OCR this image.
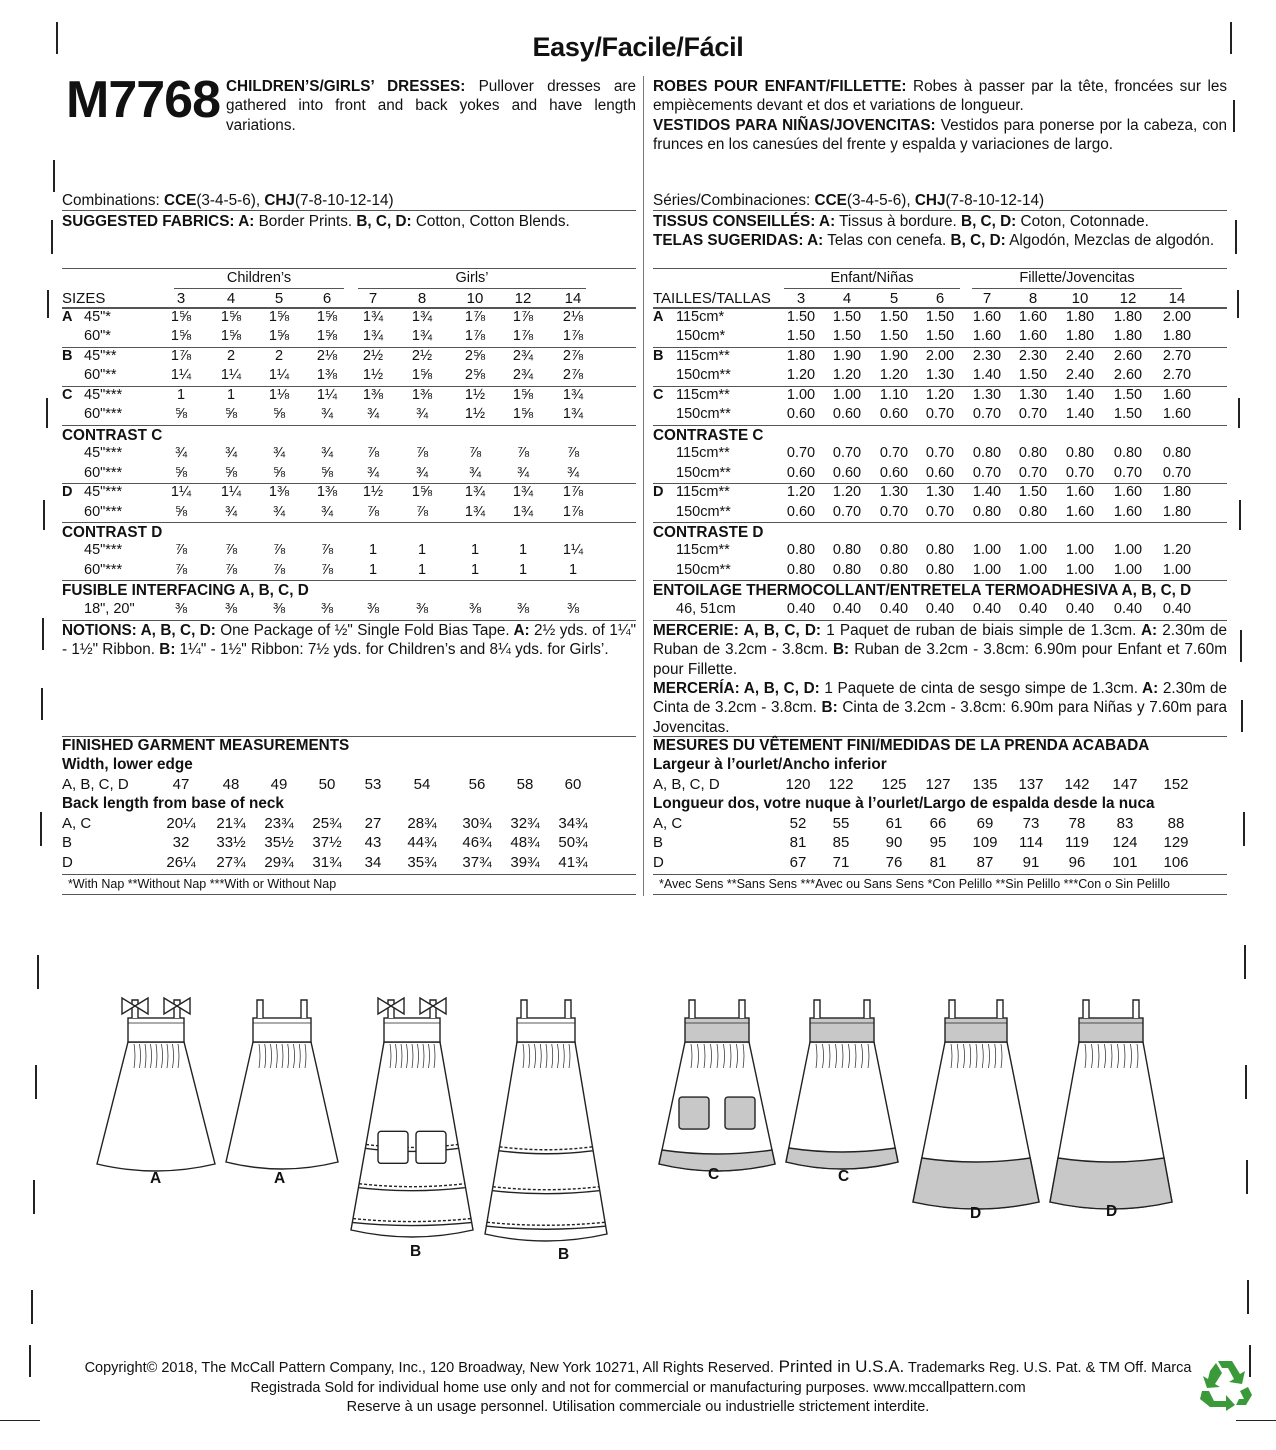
Easy/Facile/Fácil
M7768 CHILDREN’S/GIRLS’ DRESSES: Pullover dresses are gathered into front and back yokes and have length variations.
ROBES POUR ENFANT/FILLETTE: Robes à passer par la tête, froncées sur les empiècements devant et dos et variations de longueur.
VESTIDOS PARA NIÑAS/JOVENCITAS: Vestidos para ponerse por la cabeza, con frunces en los canesúes del frente y espalda y variaciones de largo.
Combinations: CCE(3-4-5-6), CHJ(7-8-10-12-14)	Séries/Combinaciones: CCE(3-4-5-6), CHJ(7-8-10-12-14)
SUGGESTED FABRICS: A: Border Prints. B, C, D: Cotton, Cotton Blends.	TISSUS CONSEILLÉS: A: Tissus à bordure. B, C, D: Coton, Cotonnade.
TELAS SUGERIDAS: A: Telas con cenefa. B, C, D: Algodón, Mezclas de algodón.
Children’s	Girls’
SIZES	3	4	5	6	7	8	10	12	14
A 45"*	1⅝	1⅝	1⅝	1⅝	1¾	1¾	1⅞	1⅞	2⅛
60"*	1⅝	1⅝	1⅝	1⅝	1¾	1¾	1⅞	1⅞	1⅞
B 45"**	1⅞	2	2	2⅛	2½	2½	2⅝	2¾	2⅞
60"**	1¼	1¼	1¼	1⅜	1½	1⅝	2⅝	2¾	2⅞
C 45"***	1	1	1⅛	1¼	1⅜	1⅜	1½	1⅝	1¾
60"***	⅝	⅝	⅝	¾	¾	¾	1½	1⅝	1¾
CONTRAST C
45"***	¾	¾	¾	¾	⅞	⅞	⅞	⅞	⅞
60"***	⅝	⅝	⅝	⅝	¾	¾	¾	¾	¾
D 45"***	1¼	1¼	1⅜	1⅜	1½	1⅝	1¾	1¾	1⅞
60"***	⅝	¾	¾	¾	⅞	⅞	1¾	1¾	1⅞
CONTRAST D
45"***	⅞	⅞	⅞	⅞	1	1	1	1	1¼
60"***	⅞	⅞	⅞	⅞	1	1	1	1	1
FUSIBLE INTERFACING A, B, C, D
18", 20"	⅜	⅜	⅜	⅜	⅜	⅜	⅜	⅜	⅜
Enfant/Niñas	Fillette/Jovencitas
TAILLES/TALLAS	3	4	5	6	7	8	10	12	14
A 115cm*	1.50	1.50	1.50	1.50	1.60	1.60	1.80	1.80	2.00
150cm*	1.50	1.50	1.50	1.50	1.60	1.60	1.80	1.80	1.80
B 115cm**	1.80	1.90	1.90	2.00	2.30	2.30	2.40	2.60	2.70
150cm**	1.20	1.20	1.20	1.30	1.40	1.50	2.40	2.60	2.70
C 115cm**	1.00	1.00	1.10	1.20	1.30	1.30	1.40	1.50	1.60
150cm**	0.60	0.60	0.60	0.70	0.70	0.70	1.40	1.50	1.60
CONTRASTE C
115cm**	0.70	0.70	0.70	0.70	0.80	0.80	0.80	0.80	0.80
150cm**	0.60	0.60	0.60	0.60	0.70	0.70	0.70	0.70	0.70
D 115cm**	1.20	1.20	1.30	1.30	1.40	1.50	1.60	1.60	1.80
150cm**	0.60	0.70	0.70	0.70	0.80	0.80	1.60	1.60	1.80
CONTRASTE D
115cm**	0.80	0.80	0.80	0.80	1.00	1.00	1.00	1.00	1.20
150cm**	0.80	0.80	0.80	0.80	1.00	1.00	1.00	1.00	1.00
ENTOILAGE THERMOCOLLANT/ENTRETELA TERMOADHESIVA A, B, C, D
46, 51cm	0.40	0.40	0.40	0.40	0.40	0.40	0.40	0.40	0.40
NOTIONS: A, B, C, D: One Package of ½" Single Fold Bias Tape. A: 2½ yds. of 1¼" - 1½" Ribbon. B: 1¼" - 1½" Ribbon: 7½ yds. for Children’s and 8¼ yds. for Girls’.
MERCERIE: A, B, C, D: 1 Paquet de ruban de biais simple de 1.3cm. A: 2.30m de Ruban de 3.2cm - 3.8cm. B: Ruban de 3.2cm - 3.8cm: 6.90m pour Enfant et 7.60m pour Fillette.
MERCERÍA: A, B, C, D: 1 Paquete de cinta de sesgo simpe de 1.3cm. A: 2.30m de Cinta de 3.2cm - 3.8cm. B: Cinta de 3.2cm - 3.8cm: 6.90m para Niñas y 7.60m para Jovencitas.
FINISHED GARMENT MEASUREMENTS
Width, lower edge
A, B, C, D	47	48	49	50	53	54	56	58	60
Back length from base of neck
A, C	20¼	21¾	23¾	25¾	27	28¾	30¾	32¾	34¾
B	32	33½	35½	37½	43	44¾	46¾	48¾	50¾
D	26¼	27¾	29¾	31¾	34	35¾	37¾	39¾	41¾
*With Nap **Without Nap ***With or Without Nap
MESURES DU VÊTEMENT FINI/MEDIDAS DE LA PRENDA ACABADA
Largeur à l’ourlet/Ancho inferior
A, B, C, D	120	122	125	127	135	137	142	147	152
Longueur dos, votre nuque à l’ourlet/Largo de espalda desde la nuca
A, C	52	55	61	66	69	73	78	83	88
B	81	85	90	95	109	114	119	124	129
D	67	71	76	81	87	91	96	101	106
*Avec Sens **Sans Sens ***Avec ou Sans Sens *Con Pelillo **Sin Pelillo ***Con o Sin Pelillo
A	A
B	B
C	C
D	D
Copyright© 2018, The McCall Pattern Company, Inc., 120 Broadway, New York 10271, All Rights Reserved. Printed in U.S.A. Trademarks Reg. U.S. Pat. & TM Off. Marca
Registrada Sold for individual home use only and not for commercial or manufacturing purposes. www.mccallpattern.com
Reserve à un usage personnel. Utilisation commerciale ou industrielle strictement interdite.
